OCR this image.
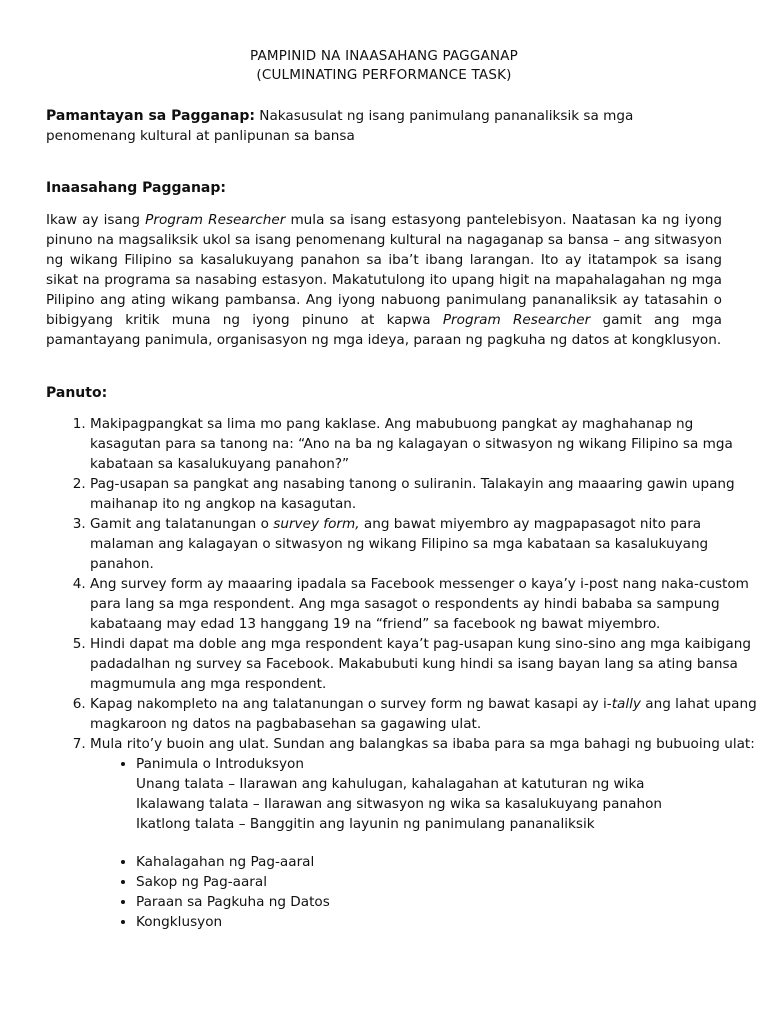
PAMPINID NA INAASAHANG PAGGANAP
(CULMINATING PERFORMANCE TASK)
Pamantayan sa Pagganap: Nakasusulat ng isang panimulang pananaliksik sa mga penomenang kultural at panlipunan sa bansa
Inaasahang Pagganap:
Ikaw ay isang Program Researcher mula sa isang estasyong pantelebisyon. Naatasan ka ng iyong pinuno na magsaliksik ukol sa isang penomenang kultural na nagaganap sa bansa – ang sitwasyon ng wikang Filipino sa kasalukuyang panahon sa iba’t ibang larangan. Ito ay itatampok sa isang sikat na programa sa nasabing estasyon. Makatutulong ito upang higit na mapahalagahan ng mga Pilipino ang ating wikang pambansa. Ang iyong nabuong panimulang pananaliksik ay tatasahin o bibigyang kritik muna ng iyong pinuno at kapwa Program Researcher gamit ang mga pamantayang panimula, organisasyon ng mga ideya, paraan ng pagkuha ng datos at kongklusyon.
Panuto:
1. Makipagpangkat sa lima mo pang kaklase. Ang mabubuong pangkat ay maghahanap ng kasagutan para sa tanong na: “Ano na ba ng kalagayan o sitwasyon ng wikang Filipino sa mga kabataan sa kasalukuyang panahon?”
2. Pag-usapan sa pangkat ang nasabing tanong o suliranin. Talakayin ang maaaring gawin upang maihanap ito ng angkop na kasagutan.
3. Gamit ang talatanungan o survey form, ang bawat miyembro ay magpapasagot nito para malaman ang kalagayan o sitwasyon ng wikang Filipino sa mga kabataan sa kasalukuyang panahon.
4. Ang survey form ay maaaring ipadala sa Facebook messenger o kaya’y i-post nang naka-custom para lang sa mga respondent. Ang mga sasagot o respondents ay hindi bababa sa sampung kabataang may edad 13 hanggang 19 na “friend” sa facebook ng bawat miyembro.
5. Hindi dapat ma doble ang mga respondent kaya’t pag-usapan kung sino-sino ang mga kaibigang padadalhan ng survey sa Facebook. Makabubuti kung hindi sa isang bayan lang sa ating bansa magmumula ang mga respondent.
6. Kapag nakompleto na ang talatanungan o survey form ng bawat kasapi ay i-tally ang lahat upang magkaroon ng datos na pagbabasehan sa gagawing ulat.
7. Mula rito’y buoin ang ulat. Sundan ang balangkas sa ibaba para sa mga bahagi ng bubuoing ulat:
• Panimula o Introduksyon
Unang talata – Ilarawan ang kahulugan, kahalagahan at katuturan ng wika
Ikalawang talata – Ilarawan ang sitwasyon ng wika sa kasalukuyang panahon
Ikatlong talata – Banggitin ang layunin ng panimulang pananaliksik
• Kahalagahan ng Pag-aaral
• Sakop ng Pag-aaral
• Paraan sa Pagkuha ng Datos
• Kongklusyon
